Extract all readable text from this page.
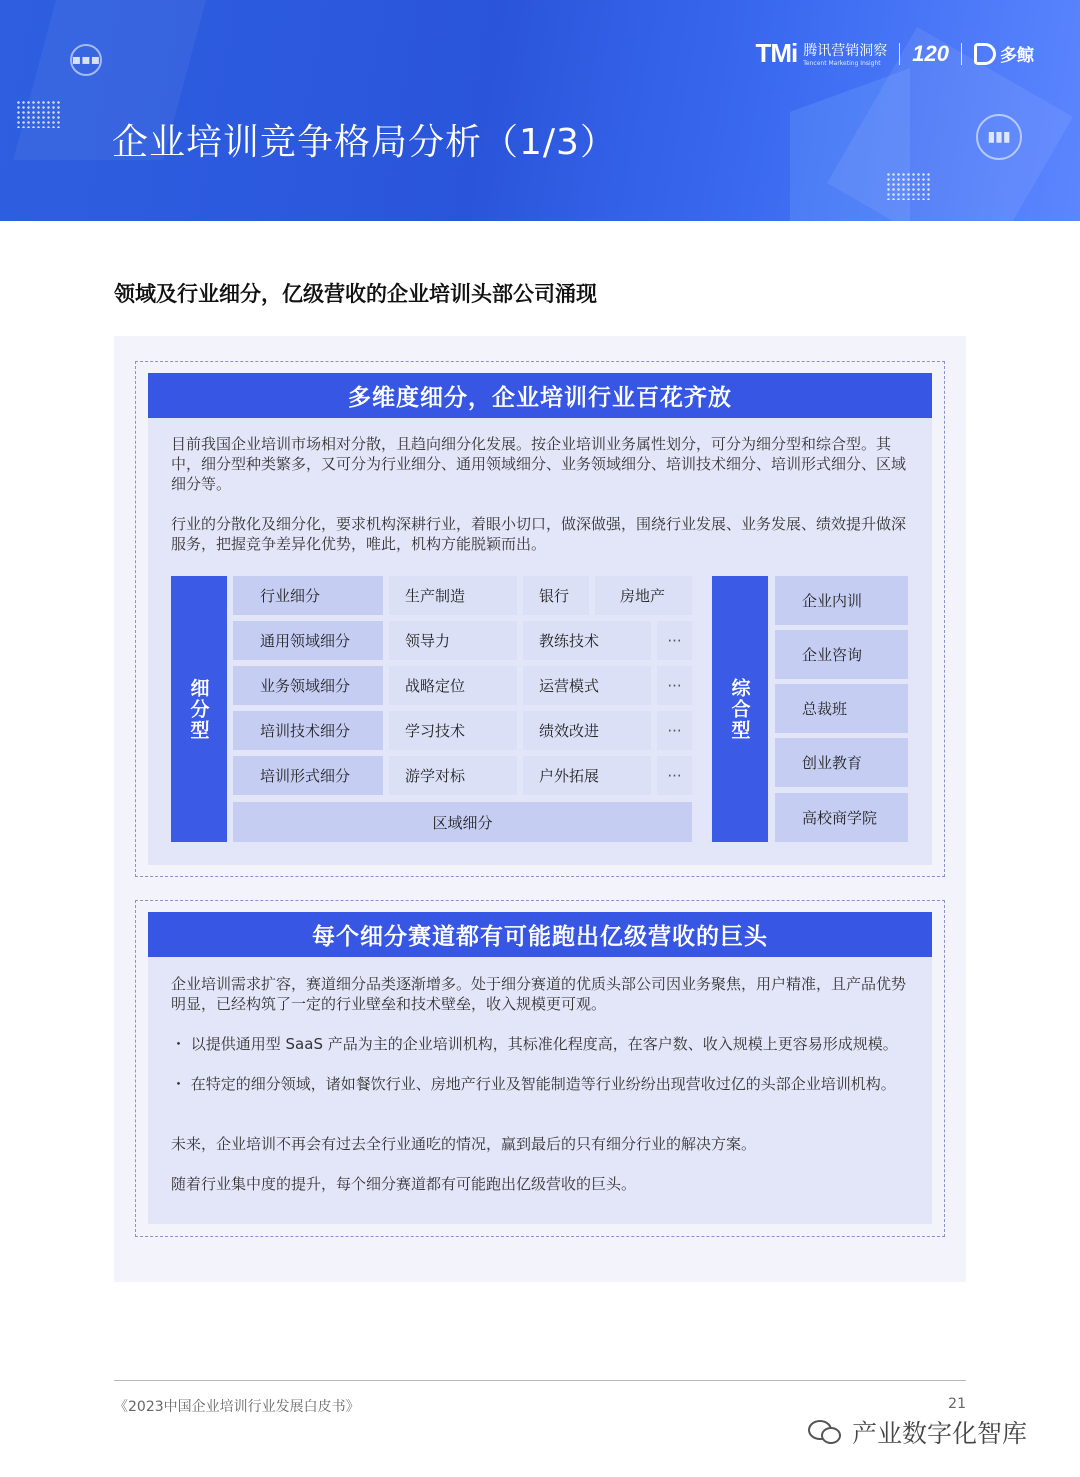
▪▪▪
▮▮▮
TMi 腾讯营销洞察
Tencent Marketing Insight	120	多鲸
企业培训竞争格局分析（1/3）
领域及行业细分，亿级营收的企业培训头部公司涌现
多维度细分，企业培训行业百花齐放
目前我国企业培训市场相对分散，且趋向细分化发展。按企业培训业务属性划分，可分为细分型和综合型。其中，细分型种类繁多，又可分为行业细分、通用领域细分、业务领域细分、培训技术细分、培训形式细分、区域细分等。
行业的分散化及细分化，要求机构深耕行业，着眼小切口，做深做强，围绕行业发展、业务发展、绩效提升做深服务，把握竞争差异化优势，唯此，机构方能脱颖而出。
细分型
行业细分	生产制造	银行	房地产
通用领域细分	领导力	教练技术	···
业务领域细分	战略定位	运营模式	···
培训技术细分	学习技术	绩效改进	···
培训形式细分	游学对标	户外拓展	···
区域细分
综合型
企业内训
企业咨询
总裁班
创业教育
高校商学院
每个细分赛道都有可能跑出亿级营收的巨头
企业培训需求扩容，赛道细分品类逐渐增多。处于细分赛道的优质头部公司因业务聚焦，用户精准，且产品优势明显，已经构筑了一定的行业壁垒和技术壁垒，收入规模更可观。
・ 以提供通用型 SaaS 产品为主的企业培训机构，其标准化程度高，在客户数、收入规模上更容易形成规模。
・ 在特定的细分领域，诸如餐饮行业、房地产行业及智能制造等行业纷纷出现营收过亿的头部企业培训机构。
未来，企业培训不再会有过去全行业通吃的情况，赢到最后的只有细分行业的解决方案。
随着行业集中度的提升，每个细分赛道都有可能跑出亿级营收的巨头。
《2023中国企业培训行业发展白皮书》	21
产业数字化智库
